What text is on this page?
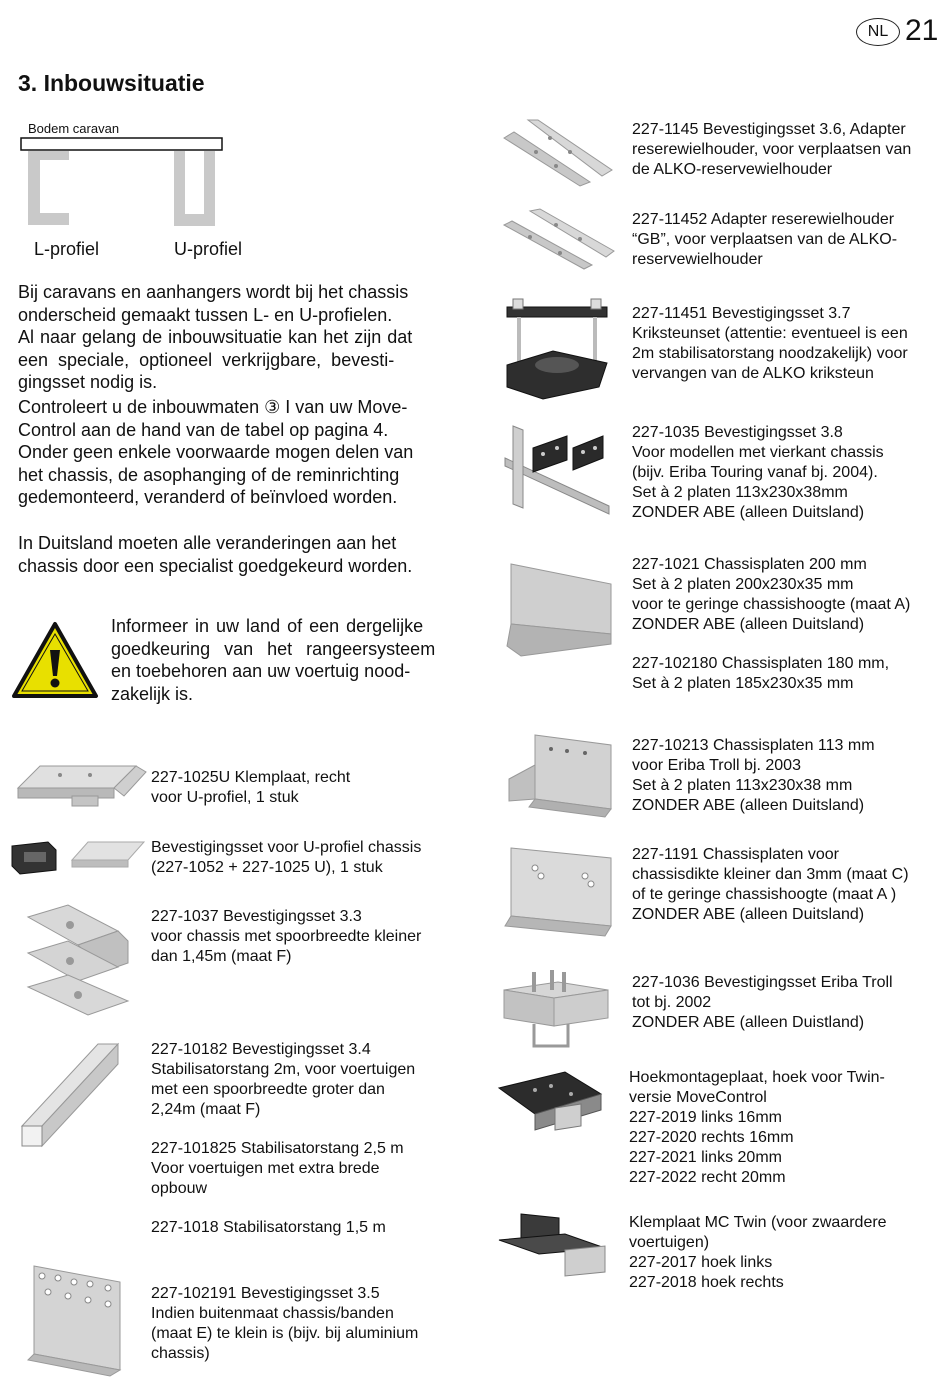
NL 21
3. Inbouwsituatie
Bodem caravan
L-profiel	U-profiel
Bij caravans en aanhangers wordt bij het chassis
onderscheid gemaakt tussen L- en U-profielen.
Al naar gelang de inbouwsituatie kan het zijn dat
een speciale, optioneel verkrijgbare, bevesti-
gingsset nodig is.
Controleert u de inbouwmaten ③ I van uw Move-
Control aan de hand van de tabel op pagina 4.
Onder geen enkele voorwaarde mogen delen van
het chassis, de asophanging of de reminrichting
gedemonteerd, veranderd of beïnvloed worden.
In Duitsland moeten alle veranderingen aan het
chassis door een specialist goedgekeurd worden.
Informeer in uw land of een dergelijke
goedkeuring van het rangeersysteem
en toebehoren aan uw voertuig nood-
zakelijk is.
227-1025U Klemplaat, recht
voor U-profiel, 1 stuk
Bevestigingsset voor U-profiel chassis
(227-1052 + 227-1025 U), 1 stuk
227-1037 Bevestigingsset 3.3
voor chassis met spoorbreedte kleiner
dan 1,45m (maat F)
227-10182 Bevestigingsset 3.4
Stabilisatorstang 2m, voor voertuigen
met een spoorbreedte groter dan
2,24m (maat F)
227-101825 Stabilisatorstang 2,5 m
Voor voertuigen met extra brede
opbouw
227-1018 Stabilisatorstang 1,5 m
227-102191 Bevestigingsset 3.5
Indien buitenmaat chassis/banden
(maat E) te klein is (bijv. bij aluminium
chassis)
227-1145 Bevestigingsset 3.6, Adapter
reserewielhouder, voor verplaatsen van
de ALKO-reservewielhouder
227-11452 Adapter reserewielhouder
“GB”, voor verplaatsen van de ALKO-
reservewielhouder
227-11451 Bevestigingsset 3.7
Kriksteunset (attentie: eventueel is een
2m stabilisatorstang noodzakelijk) voor
vervangen van de ALKO kriksteun
227-1035 Bevestigingsset 3.8
Voor modellen met vierkant chassis
(bijv. Eriba Touring vanaf bj. 2004).
Set à 2 platen 113x230x38mm
ZONDER ABE (alleen Duitsland)
227-1021 Chassisplaten 200 mm
Set à 2 platen 200x230x35 mm
voor te geringe chassishoogte (maat A)
ZONDER ABE (alleen Duitsland)
227-102180 Chassisplaten 180 mm,
Set à 2 platen 185x230x35 mm
227-10213 Chassisplaten 113 mm
voor Eriba Troll bj. 2003
Set à 2 platen 113x230x38 mm
ZONDER ABE (alleen Duitsland)
227-1191 Chassisplaten voor
chassisdikte kleiner dan 3mm (maat C)
of te geringe chassishoogte (maat A )
ZONDER ABE (alleen Duitsland)
227-1036 Bevestigingsset Eriba Troll
tot bj. 2002
ZONDER ABE (alleen Duistland)
Hoekmontageplaat, hoek voor Twin-
versie MoveControl
227-2019 links 16mm
227-2020 rechts 16mm
227-2021 links 20mm
227-2022 recht 20mm
Klemplaat MC Twin (voor zwaardere
voertuigen)
227-2017 hoek links
227-2018 hoek rechts
